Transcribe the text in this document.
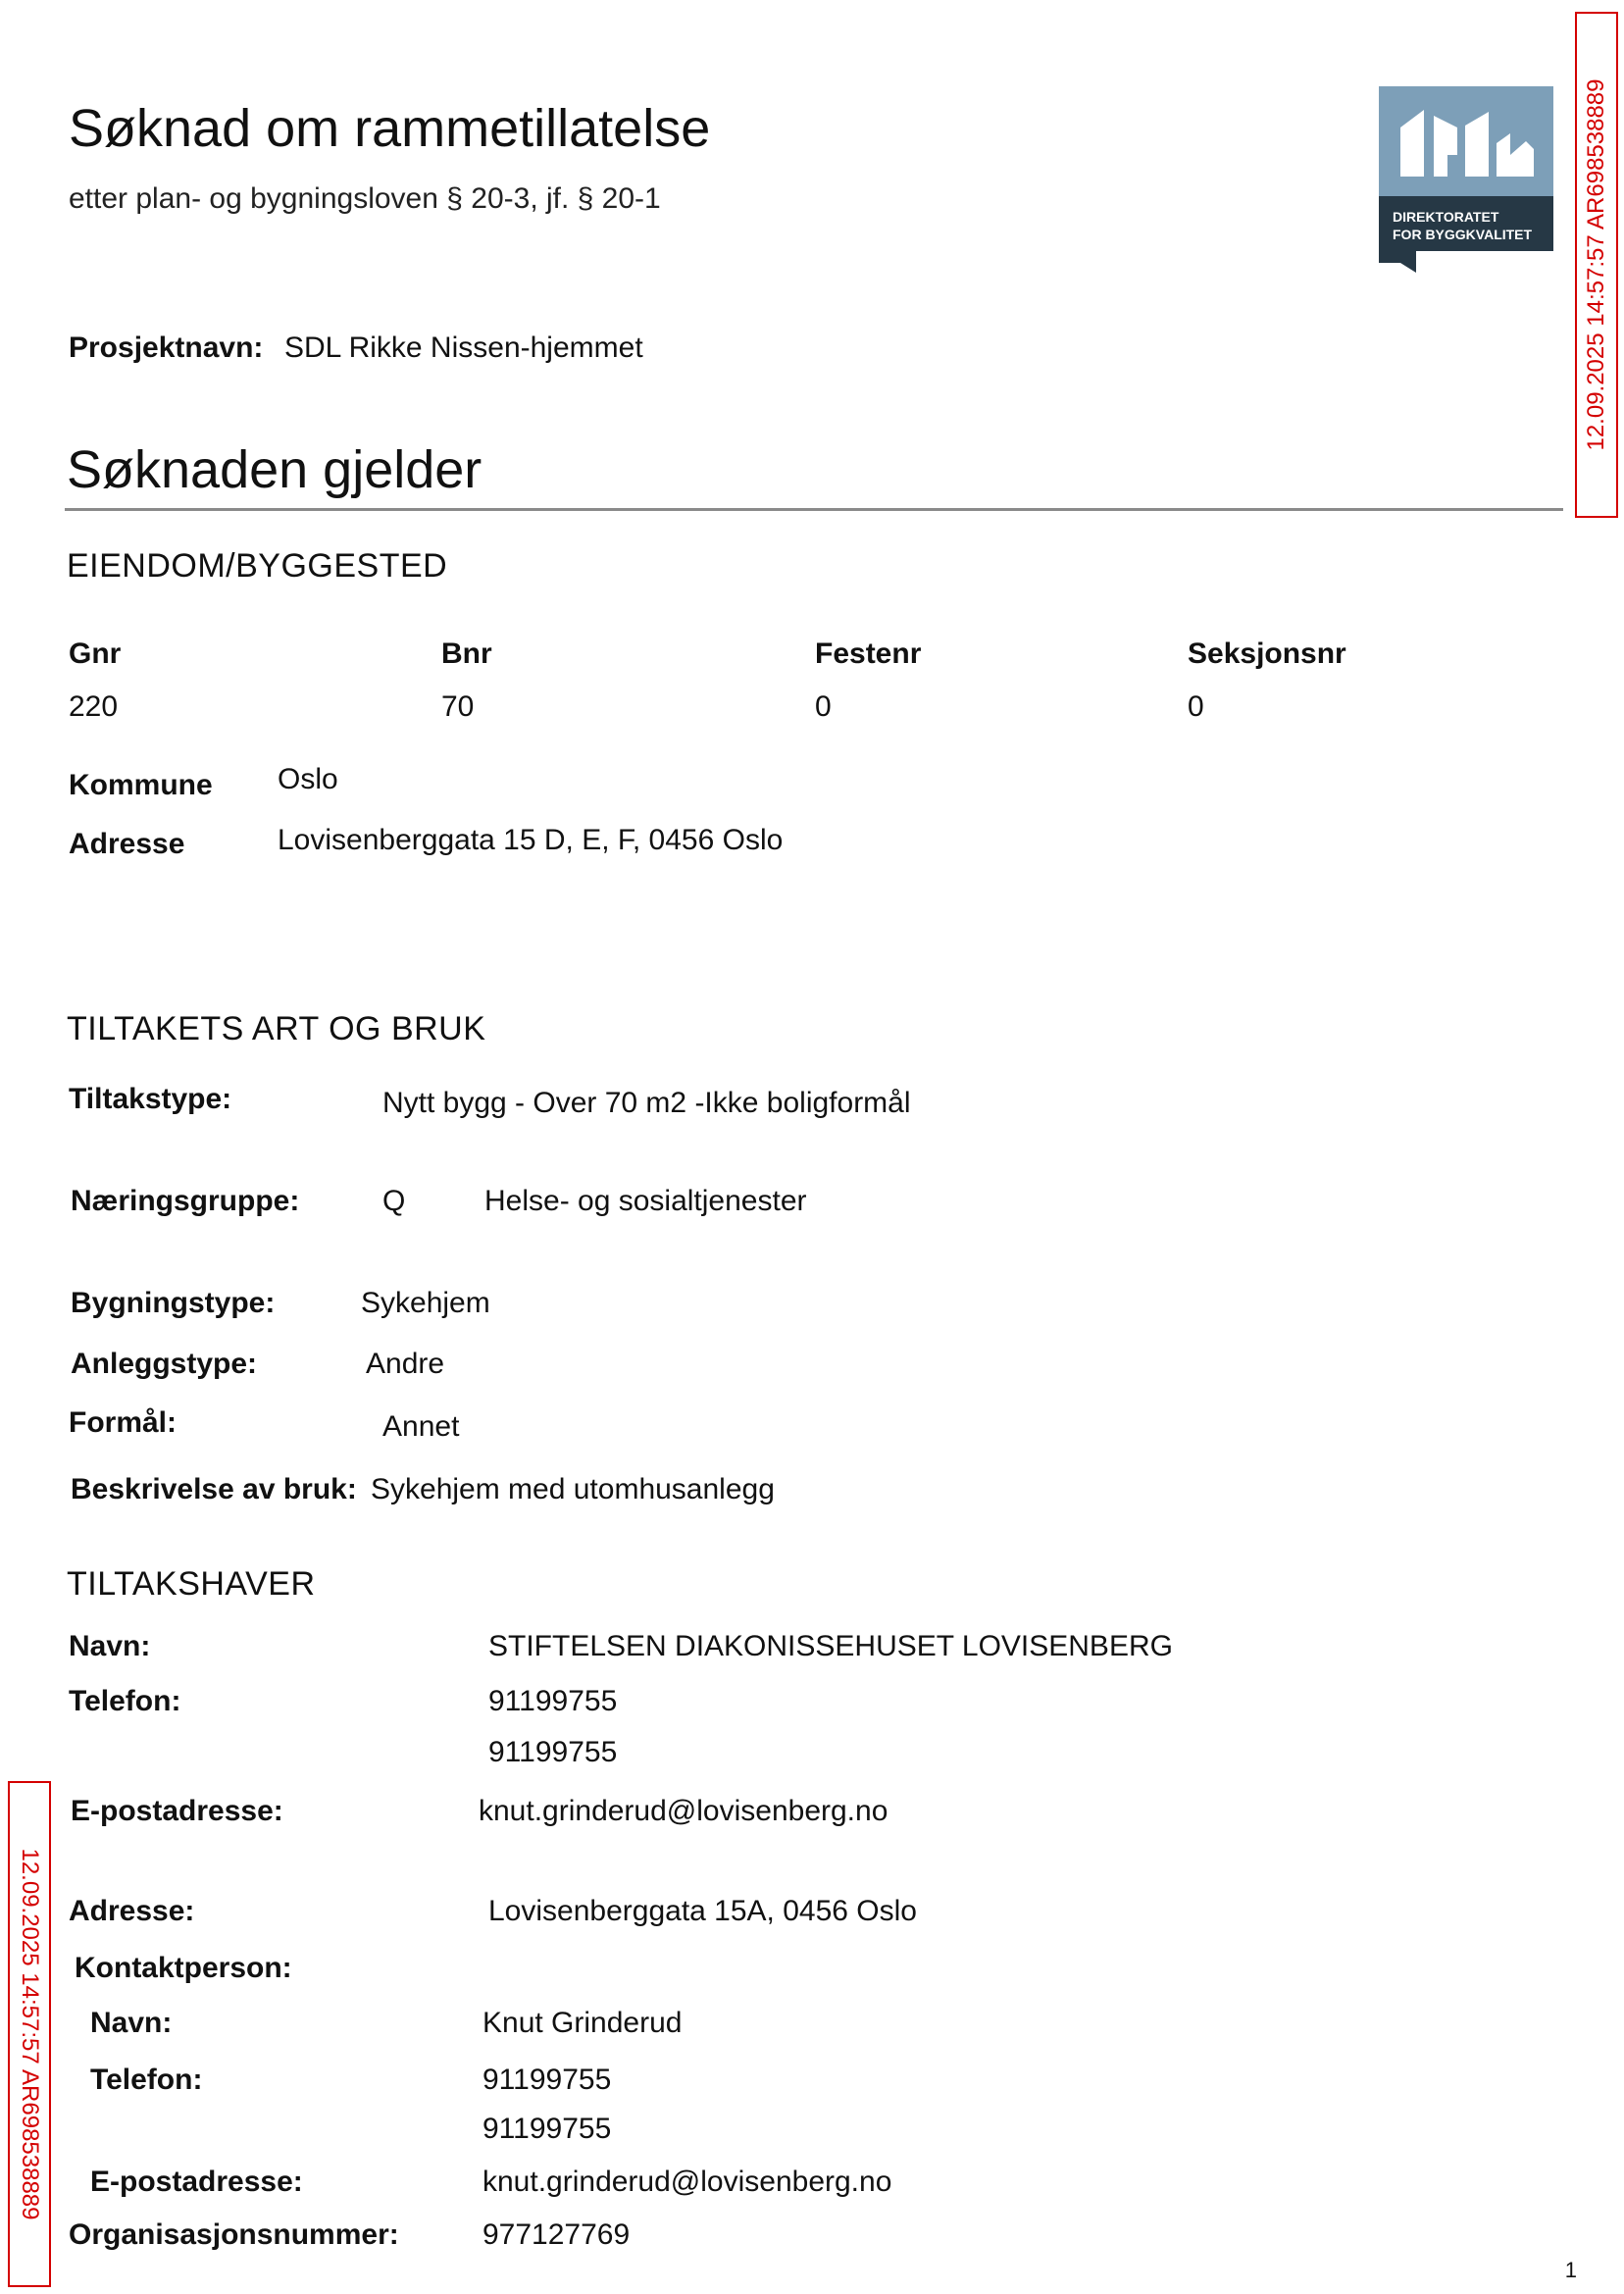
Søknad om rammetillatelse
etter plan- og bygningsloven § 20-3, jf. § 20-1
DIREKTORATET
FOR BYGGKVALITET 12.09.2025 14:57:57 AR698538889
12.09.2025 14:57:57 AR698538889
Prosjektnavn: SDL Rikke Nissen-hjemmet
Søknaden gjelder
EIENDOM/BYGGESTED
Gnr	Bnr	Festenr	Seksjonsnr
220	70	0	0
Kommune Oslo
Adresse	Lovisenberggata 15 D, E, F, 0456 Oslo
TILTAKETS ART OG BRUK
Tiltakstype:	Nytt bygg - Over 70 m2 -Ikke boligformål
Næringsgruppe:	Q	Helse- og sosialtjenester
Bygningstype:	Sykehjem
Anleggstype:	Andre
Formål:	Annet
Beskrivelse av bruk: Sykehjem med utomhusanlegg
TILTAKSHAVER
Navn:	STIFTELSEN DIAKONISSEHUSET LOVISENBERG
Telefon:	91199755
91199755
E-postadresse:	knut.grinderud@lovisenberg.no
Adresse:	Lovisenberggata 15A, 0456 Oslo
Kontaktperson:
Navn:	Knut Grinderud
Telefon:	91199755
91199755
E-postadresse:	knut.grinderud@lovisenberg.no
Organisasjonsnummer:	977127769
1
